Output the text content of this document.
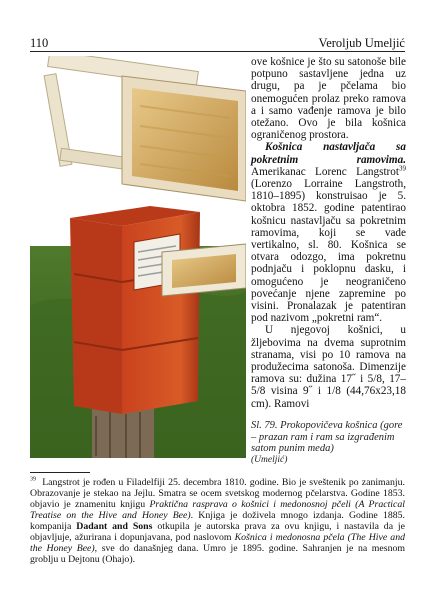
110	Veroljub Umeljić

ove košnice je što su satonoše bile potpuno sastavljene jedna uz drugu, pa je pčelama bio onemogućen prolaz preko ramova a i samo vađenje ramova je bilo otežano. Ovo je bila košnica ograničenog prostora.

Košnica nastavljača sa pokretnim ramovima. Amerikanac Lorenc Langstrot$^{39}$ (Lorenzo Lorraine Langstroth, 1810–1895) konstruisao je 5. oktobra 1852. godine patentirao košnicu nastavljaču sa pokretnim ramovima, koji se vade vertikalno, sl. 80. Košnica se otvara odozgo, ima pokretnu podnjaču i poklopnu dasku, i omogućeno je neograničeno povećanje njene zapremine po visini. Pronalazak je patentiran pod nazivom „pokretni ram“.

U njegovoj košnici, u žljebovima na dvema suprotnim stranama, visi po 10 ramova na produžecima satonoša. Dimenzije ramova su: dužina 17˝ i 5/8, 17–5/8 visina 9˝ i 1/8 (44,76x23,18 cm). Ramovi

Sl. 79. Prokopovičeva košnica (gore – prazan ram i ram sa izgrađenim satom punim meda)
(Umeljić)
$^{39}$ Langstrot je rođen u Filadelfiji 25. decembra 1810. godine. Bio je sveštenik po zanimanju. Obrazovanje je stekao na Jejlu. Smatra se ocem svetskog modernog pčelarstva. Godine 1853. objavio je znamenitu knjigu Praktična rasprava o košnici i medonosnoj pčeli (A Practical Treatise on the Hive and Honey Bee). Knjiga je doživela mnogo izdanja. Godine 1885. kompanija Dadant and Sons otkupila je autorska prava za ovu knjigu, i nastavila da je objavljuje, ažurirana i dopunjavana, pod naslovom Košnica i medonosna pčela (The Hive and the Honey Bee), sve do današnjeg dana. Umro je 1895. godine. Sahranjen je na mesnom groblju u Dejtonu (Ohajo).
